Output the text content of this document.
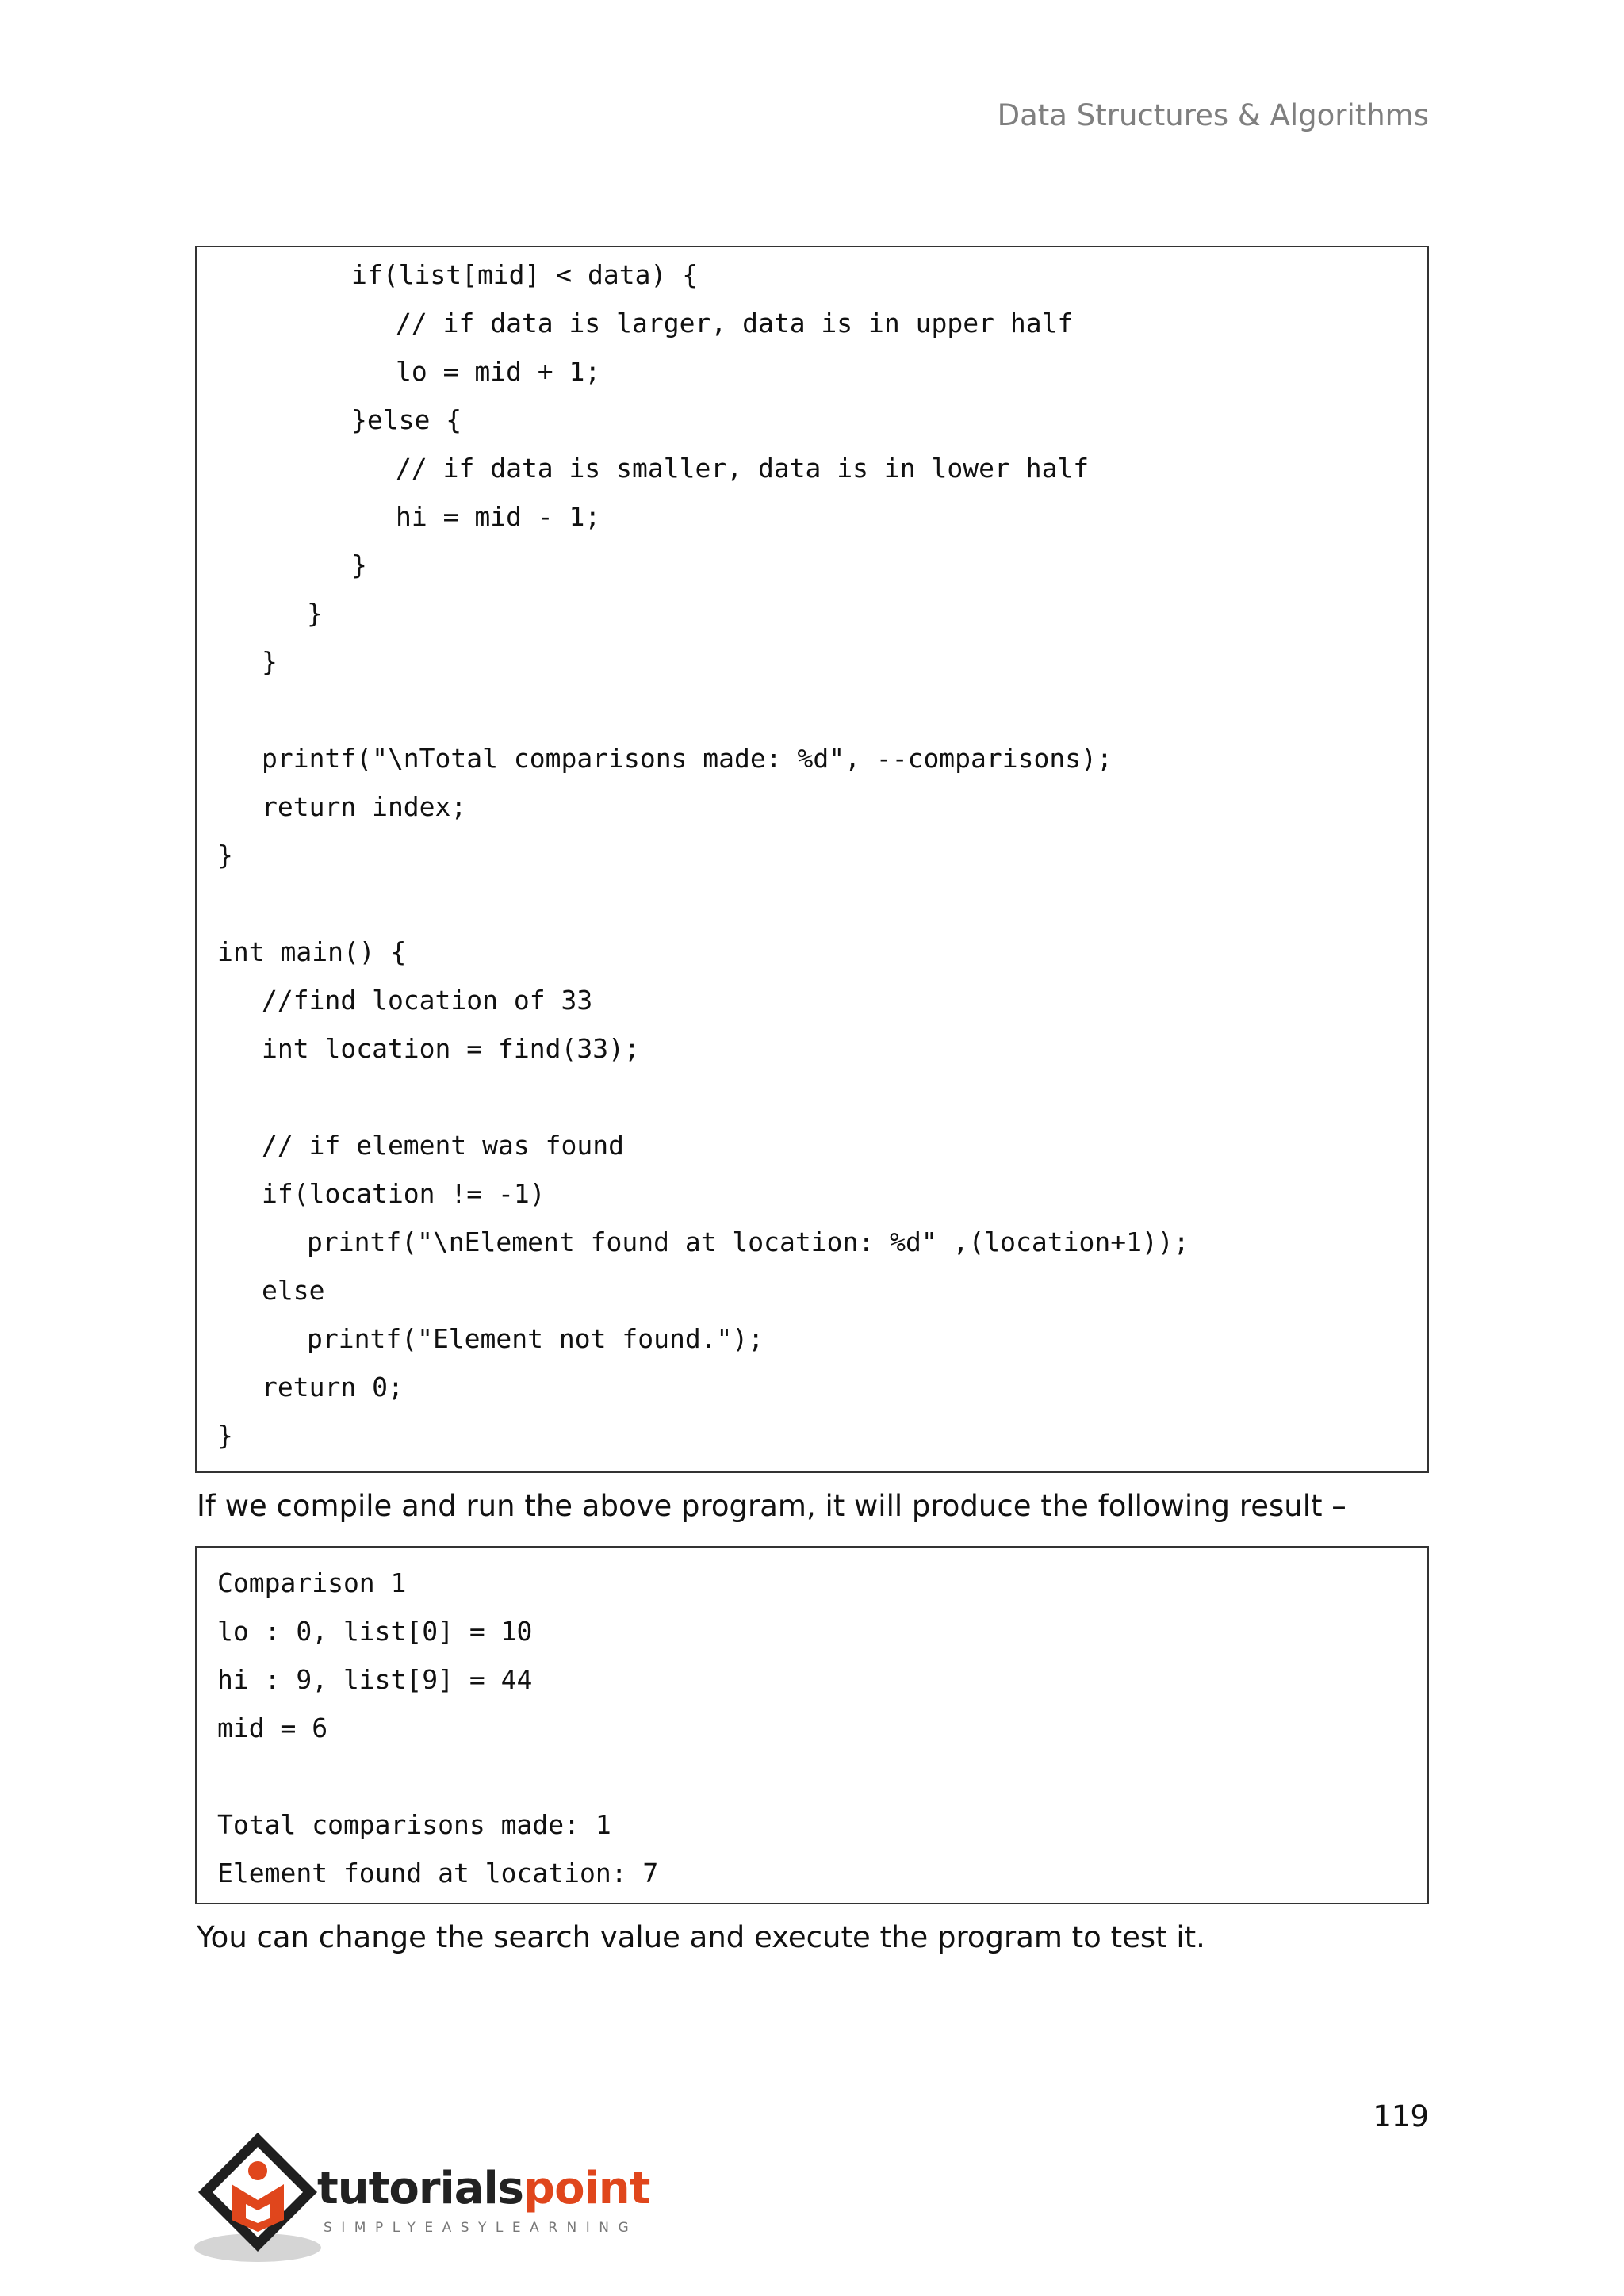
Data Structures & Algorithms
if(list[mid] < data) {
// if data is larger, data is in upper half
lo = mid + 1;
}else {
// if data is smaller, data is in lower half
hi = mid - 1;
}
}
}
printf("\nTotal comparisons made: %d", --comparisons);
return index;
}
int main() {
//find location of 33
int location = find(33);
// if element was found
if(location != -1)
printf("\nElement found at location: %d" ,(location+1));
else
printf("Element not found.");
return 0;
}
If we compile and run the above program, it will produce the following result –
Comparison 1
lo : 0, list[0] = 10
hi : 9, list[9] = 44
mid = 6
Total comparisons made: 1
Element found at location: 7
You can change the search value and execute the program to test it.
119
tutorialspoint
SIMPLYEASYLEARNING
